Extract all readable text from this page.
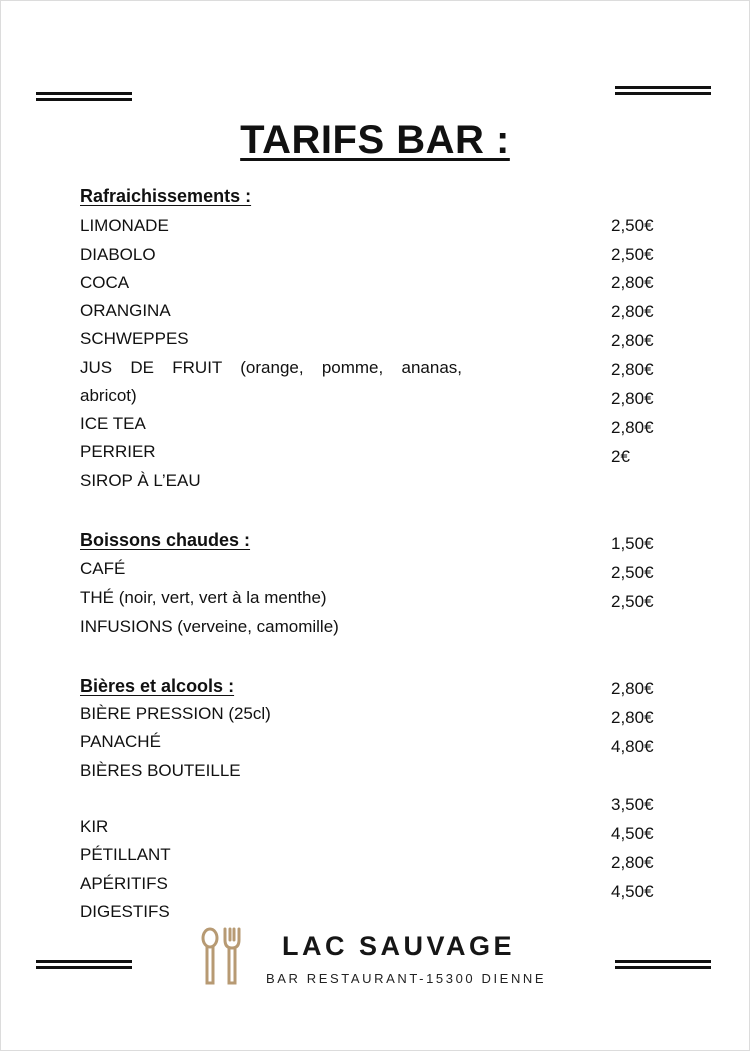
TARIFS BAR :
Rafraichissements :
LIMONADE
DIABOLO
COCA
ORANGINA
SCHWEPPES
JUS DE FRUIT (orange, pomme, ananas,
abricot)
ICE TEA
PERRIER
SIROP À L’EAU
2,50€
2,50€
2,80€
2,80€
2,80€
2,80€
2,80€
2,80€
2€
Boissons chaudes :
CAFÉ
THÉ (noir, vert, vert à la menthe)
INFUSIONS (verveine, camomille)
1,50€
2,50€
2,50€
Bières et alcools :
BIÈRE PRESSION (25cl)
PANACHÉ
BIÈRES BOUTEILLE
KIR
PÉTILLANT
APÉRITIFS
DIGESTIFS
2,80€
2,80€
4,80€
3,50€
4,50€
2,80€
4,50€
LAC SAUVAGE
BAR RESTAURANT-15300 DIENNE
